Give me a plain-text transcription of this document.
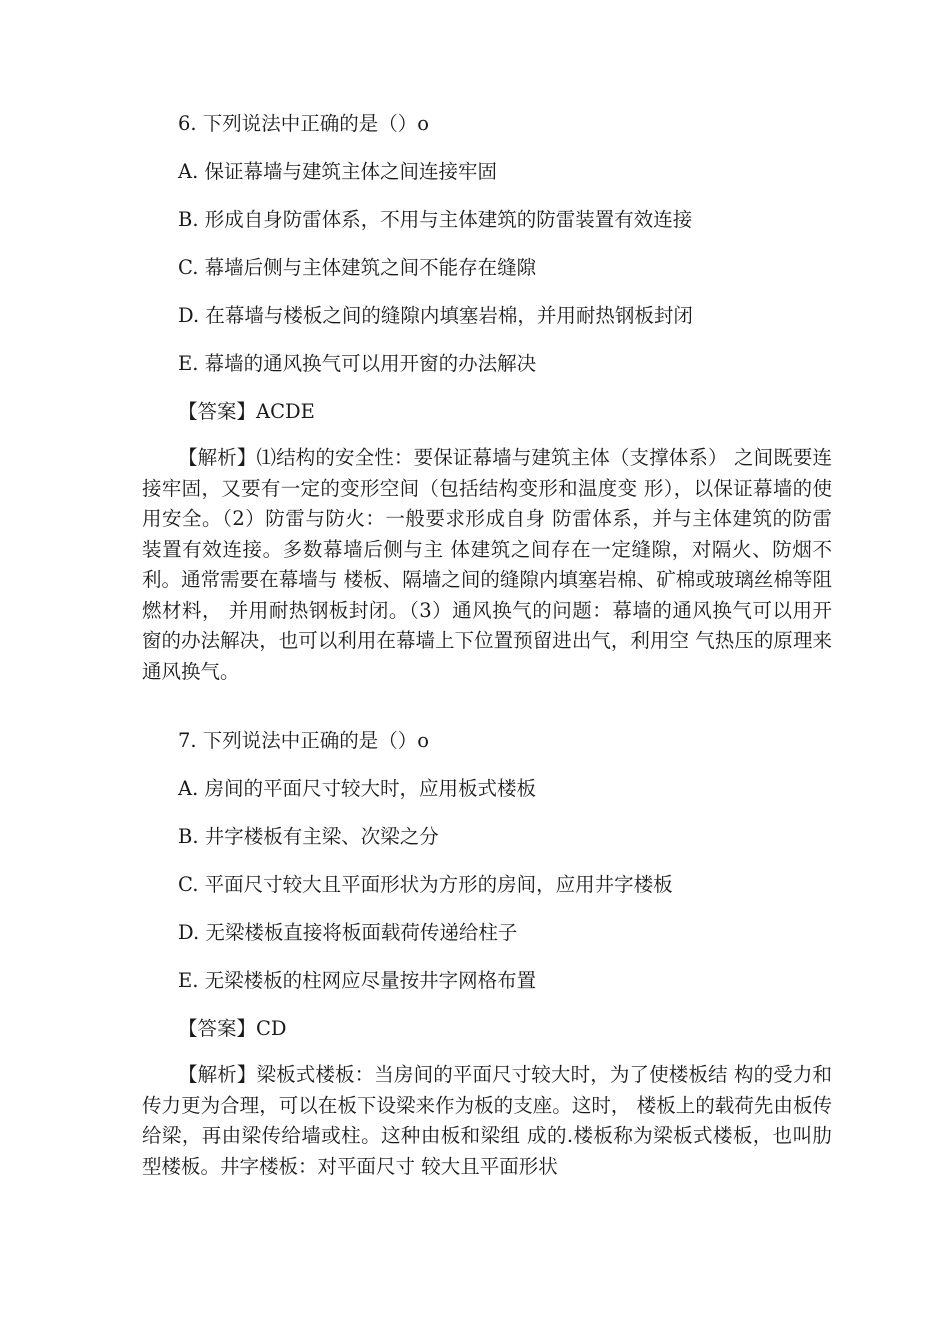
6. 下列说法中正确的是（）o
A. 保证幕墙与建筑主体之间连接牢固
B. 形成自身防雷体系，不用与主体建筑的防雷装置有效连接
C. 幕墙后侧与主体建筑之间不能存在缝隙
D. 在幕墙与楼板之间的缝隙内填塞岩棉，并用耐热钢板封闭
E. 幕墙的通风换气可以用开窗的办法解决
【答案】ACDE
【解析】⑴结构的安全性：要保证幕墙与建筑主体（支撑体系） 之间既要连接牢固，又要有一定的变形空间（包括结构变形和温度变 形），以保证幕墙的使用安全。（2）防雷与防火：一般要求形成自身 防雷体系，并与主体建筑的防雷装置有效连接。多数幕墙后侧与主 体建筑之间存在一定缝隙，对隔火、防烟不利。通常需要在幕墙与 楼板、隔墙之间的缝隙内填塞岩棉、矿棉或玻璃丝棉等阻燃材料， 并用耐热钢板封闭。（3）通风换气的问题：幕墙的通风换气可以用开 窗的办法解决，也可以利用在幕墙上下位置预留进出气，利用空 气热压的原理来通风换气。
7. 下列说法中正确的是（）o
A. 房间的平面尺寸较大时，应用板式楼板
B. 井字楼板有主梁、次梁之分
C. 平面尺寸较大且平面形状为方形的房间，应用井字楼板
D. 无梁楼板直接将板面载荷传递给柱子
E. 无梁楼板的柱网应尽量按井字网格布置
【答案】CD
【解析】梁板式楼板：当房间的平面尺寸较大时，为了使楼板结 构的受力和传力更为合理，可以在板下设梁来作为板的支座。这时， 楼板上的载荷先由板传给梁，再由梁传给墙或柱。这种由板和梁组 成的.楼板称为梁板式楼板，也叫肋型楼板。井字楼板：对平面尺寸 较大且平面形状
